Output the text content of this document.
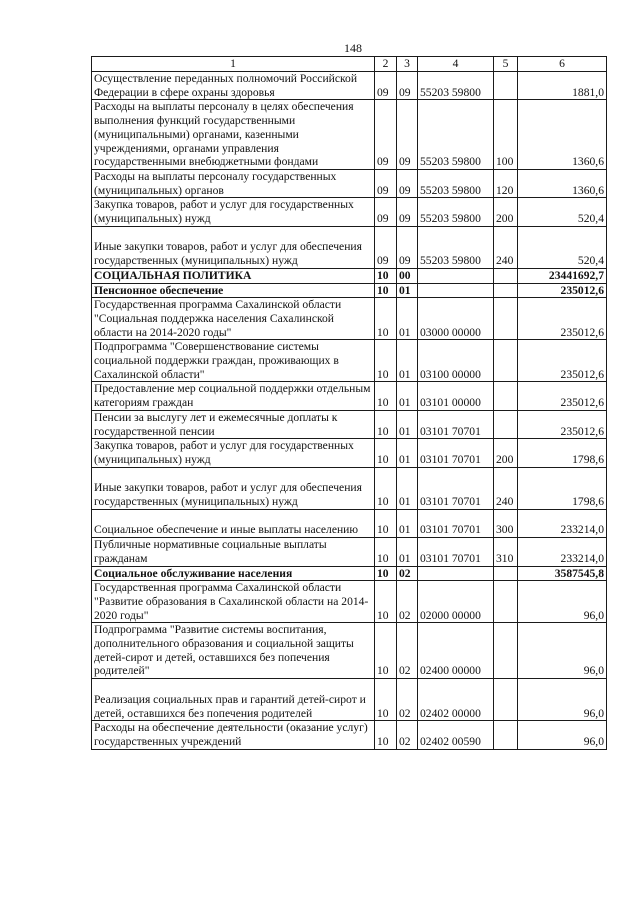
148
1	2	3	4	5	6
Осуществление переданных полномочий Российской Федерации в сфере охраны здоровья	09	09	55203 59800		1881,0
Расходы на выплаты персоналу в целях обеспечения выполнения функций государственными (муниципальными) органами, казенными учреждениями, органами управления государственными внебюджетными фондами	09	09	55203 59800	100	1360,6
Расходы на выплаты персоналу государственных (муниципальных) органов	09	09	55203 59800	120	1360,6
Закупка товаров, работ и услуг для государственных (муниципальных) нужд	09	09	55203 59800	200	520,4
Иные закупки товаров, работ и услуг для обеспечения государственных (муниципальных) нужд	09	09	55203 59800	240	520,4
СОЦИАЛЬНАЯ ПОЛИТИКА	10	00			23441692,7
Пенсионное обеспечение	10	01			235012,6
Государственная программа Сахалинской области "Социальная поддержка населения Сахалинской области на 2014-2020 годы"	10	01	03000 00000		235012,6
Подпрограмма "Совершенствование системы социальной поддержки граждан, проживающих в Сахалинской области"	10	01	03100 00000		235012,6
Предоставление мер социальной поддержки отдельным категориям граждан	10	01	03101 00000		235012,6
Пенсии за выслугу лет и ежемесячные доплаты к государственной пенсии	10	01	03101 70701		235012,6
Закупка товаров, работ и услуг для государственных (муниципальных) нужд	10	01	03101 70701	200	1798,6
Иные закупки товаров, работ и услуг для обеспечения государственных (муниципальных) нужд	10	01	03101 70701	240	1798,6
Социальное обеспечение и иные выплаты населению	10	01	03101 70701	300	233214,0
Публичные нормативные социальные выплаты гражданам	10	01	03101 70701	310	233214,0
Социальное обслуживание населения	10	02			3587545,8
Государственная программа Сахалинской области "Развитие образования в Сахалинской области на 2014-2020 годы"	10	02	02000 00000		96,0
Подпрограмма "Развитие системы воспитания, дополнительного образования и социальной защиты детей-сирот и детей, оставшихся без попечения родителей"	10	02	02400 00000		96,0
Реализация социальных прав и гарантий детей-сирот и детей, оставшихся без попечения родителей	10	02	02402 00000		96,0
Расходы на обеспечение деятельности (оказание услуг) государственных учреждений	10	02	02402 00590		96,0
